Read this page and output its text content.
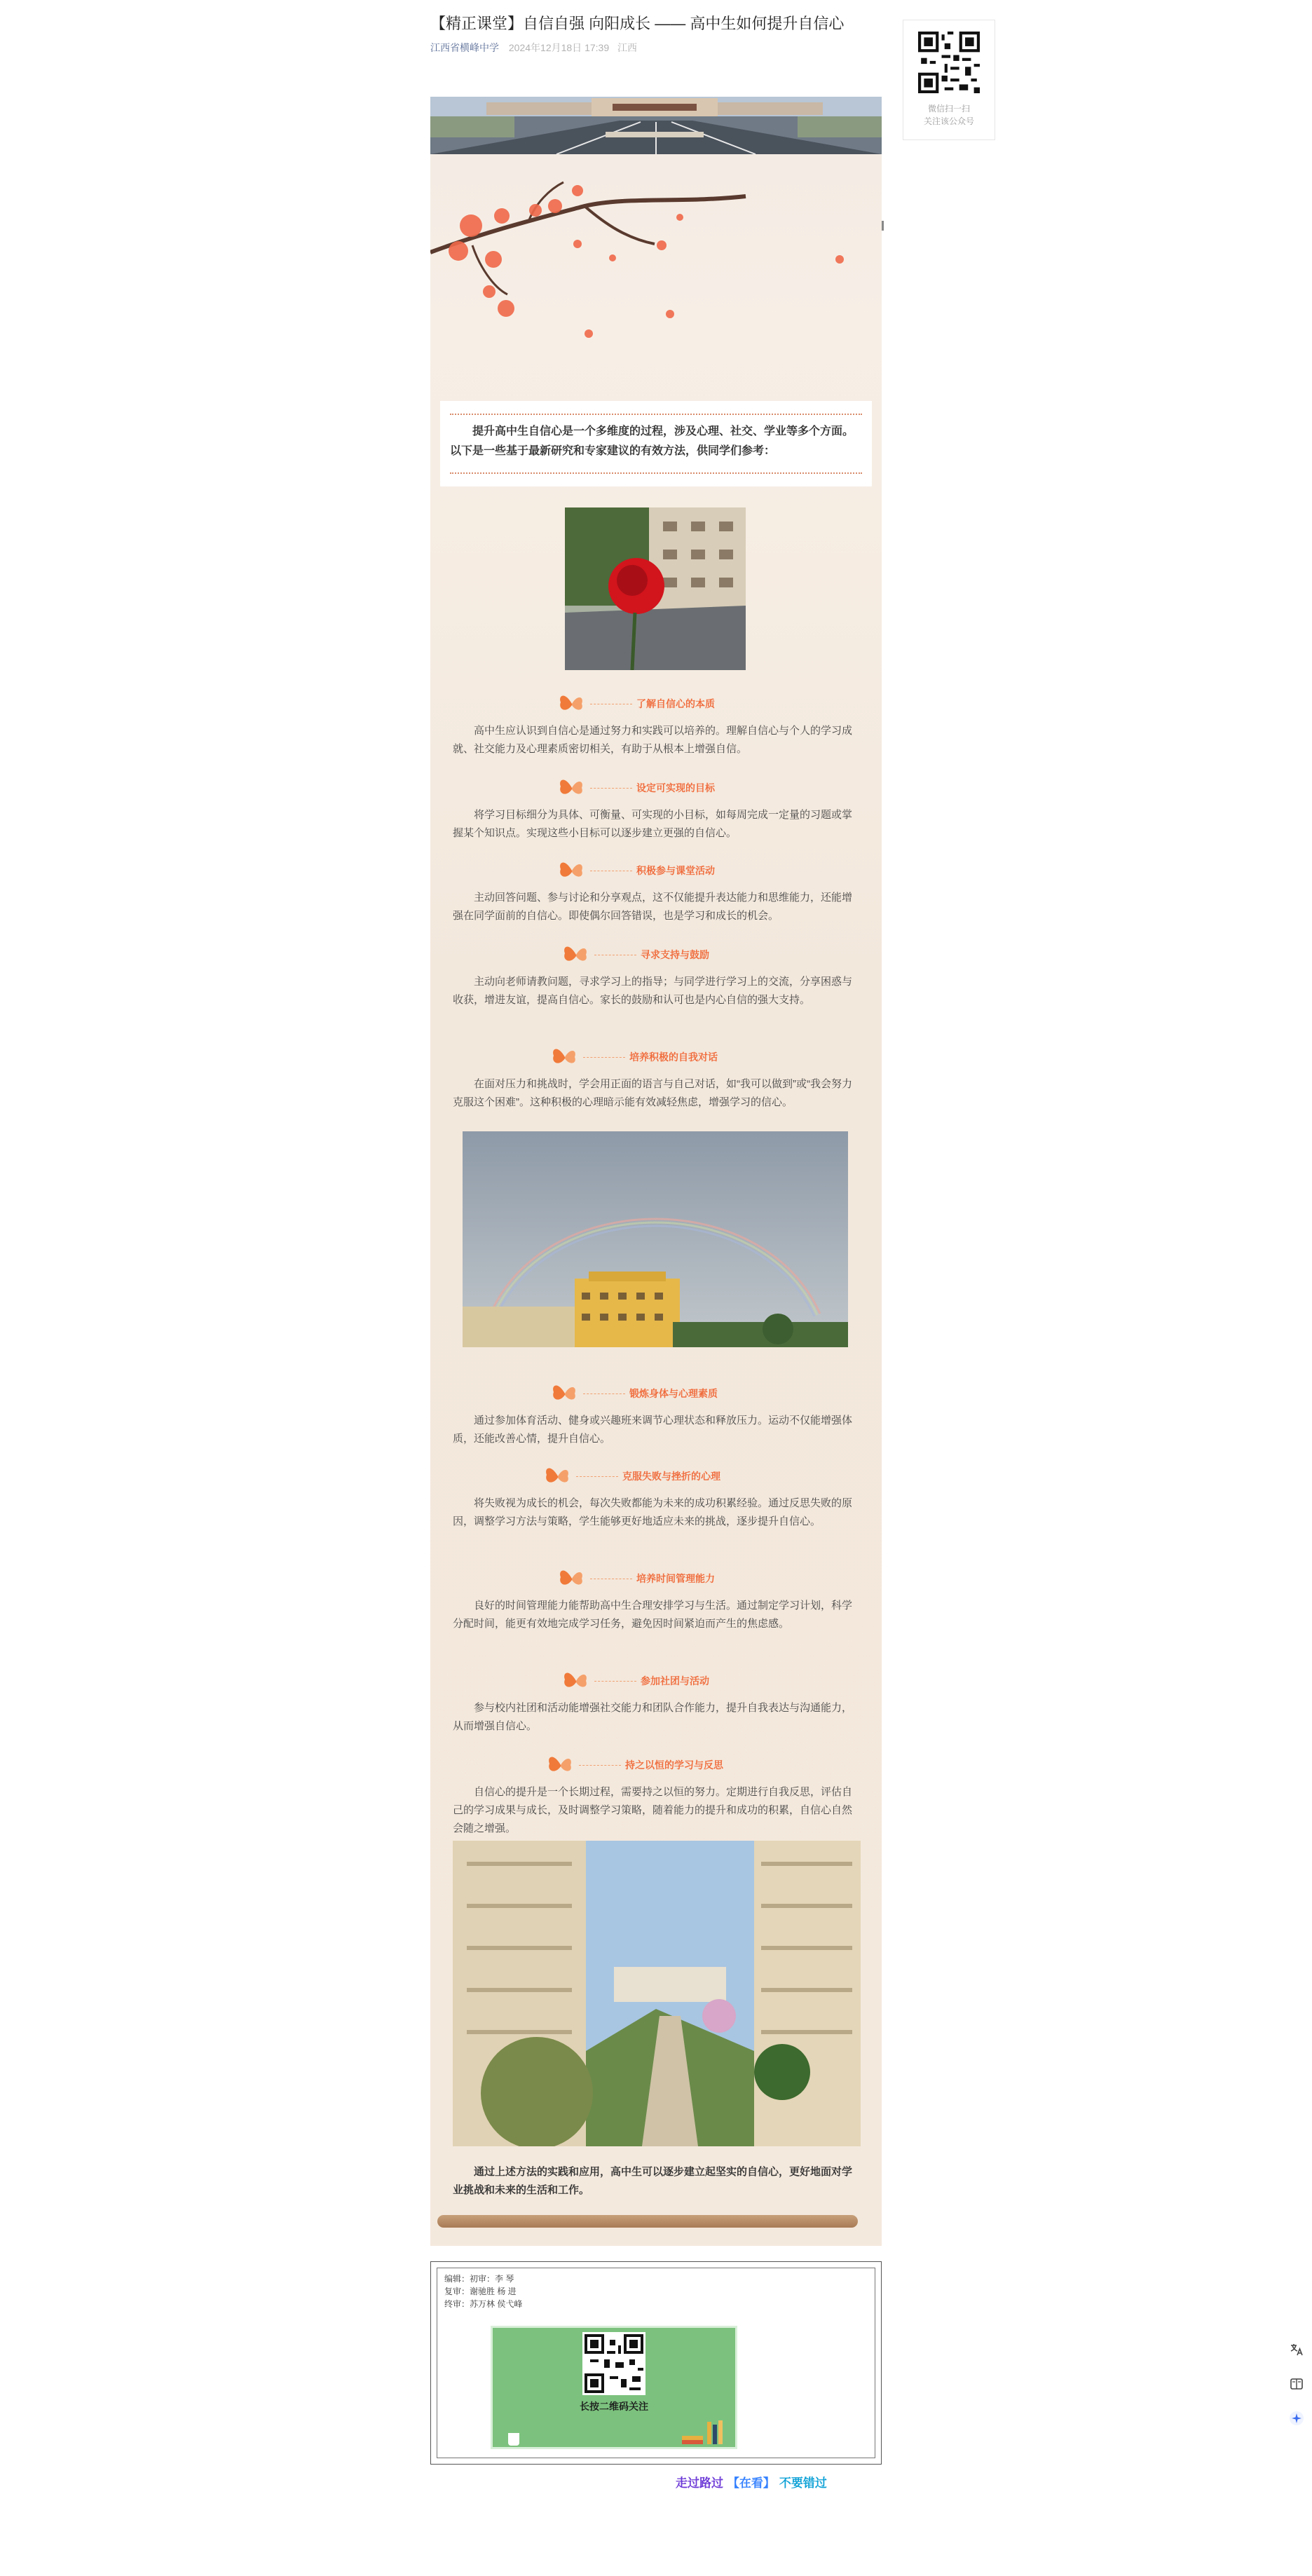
【精正课堂】自信自强 向阳成长 —— 高中生如何提升自信心
江西省横峰中学 2024年12月18日 17:39 江西
微信扫一扫
关注该公众号

提升高中生自信心是一个多维度的过程，涉及心理、社交、学业等多个方面。以下是一些基于最新研究和专家建议的有效方法，供同学们参考：

了解自信心的本质
高中生应认识到自信心是通过努力和实践可以培养的。理解自信心与个人的学习成就、社交能力及心理素质密切相关，有助于从根本上增强自信。
设定可实现的目标
将学习目标细分为具体、可衡量、可实现的小目标，如每周完成一定量的习题或掌握某个知识点。实现这些小目标可以逐步建立更强的自信心。
积极参与课堂活动
主动回答问题、参与讨论和分享观点，这不仅能提升表达能力和思维能力，还能增强在同学面前的自信心。即使偶尔回答错误，也是学习和成长的机会。
寻求支持与鼓励
主动向老师请教问题，寻求学习上的指导；与同学进行学习上的交流，分享困惑与收获，增进友谊，提高自信心。家长的鼓励和认可也是内心自信的强大支持。
培养积极的自我对话
在面对压力和挑战时，学会用正面的语言与自己对话，如“我可以做到”或“我会努力克服这个困难”。这种积极的心理暗示能有效减轻焦虑，增强学习的信心。
锻炼身体与心理素质
通过参加体育活动、健身或兴趣班来调节心理状态和释放压力。运动不仅能增强体质，还能改善心情，提升自信心。
克服失败与挫折的心理
将失败视为成长的机会，每次失败都能为未来的成功积累经验。通过反思失败的原因，调整学习方法与策略，学生能够更好地适应未来的挑战，逐步提升自信心。
培养时间管理能力
良好的时间管理能力能帮助高中生合理安排学习与生活。通过制定学习计划，科学分配时间，能更有效地完成学习任务，避免因时间紧迫而产生的焦虑感。
参加社团与活动
参与校内社团和活动能增强社交能力和团队合作能力，提升自我表达与沟通能力，从而增强自信心。
持之以恒的学习与反思
自信心的提升是一个长期过程，需要持之以恒的努力。定期进行自我反思，评估自己的学习成果与成长，及时调整学习策略，随着能力的提升和成功的积累，自信心自然会随之增强。
通过上述方法的实践和应用，高中生可以逐步建立起坚实的自信心，更好地面对学业挑战和未来的生活和工作。
编辑：初审：李 琴
复审：谢驰胜 杨 进
终审：苏万林 侯弋峰
长按二维码关注
走过路过 【在看】 不要错过
